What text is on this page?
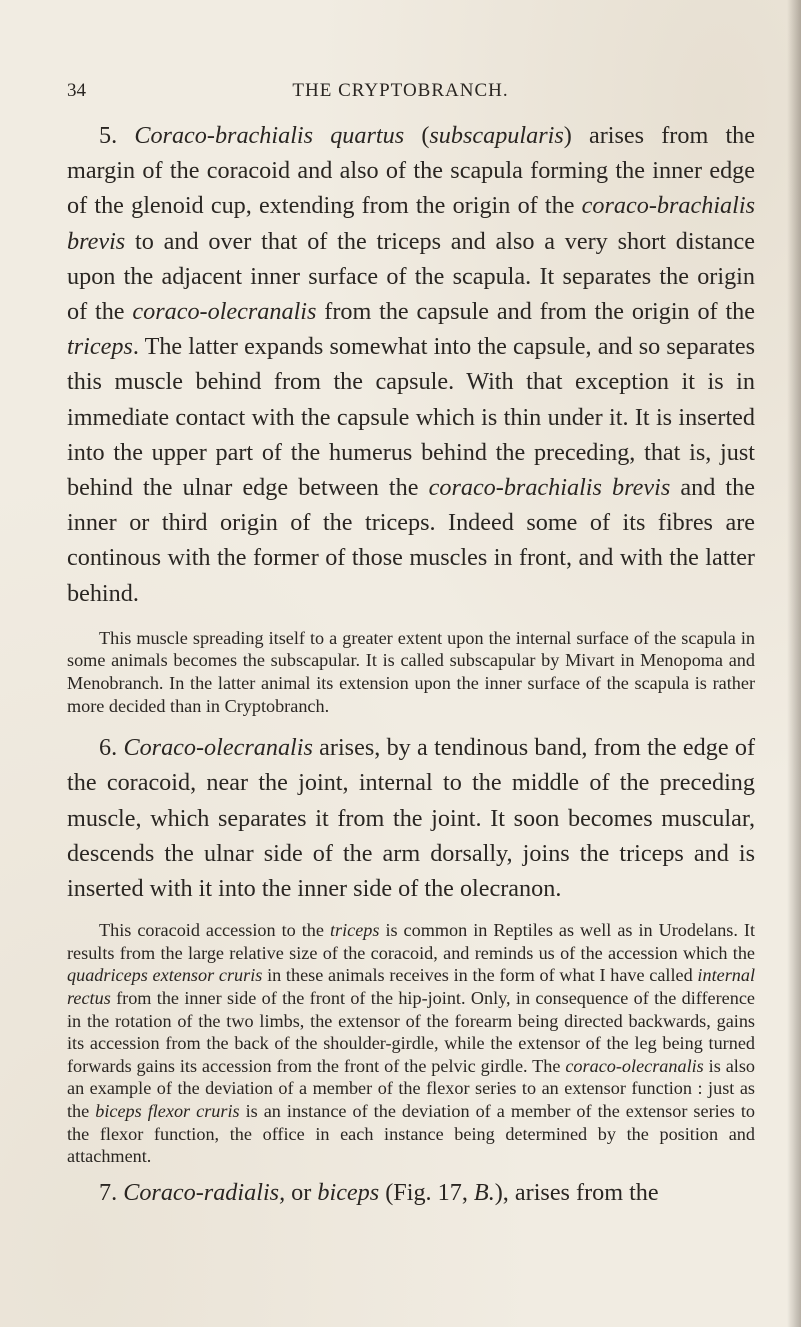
34	THE CRYPTOBRANCH.

5. Coraco-brachialis quartus (subscapularis) arises from the margin of the coracoid and also of the scapula forming the inner edge of the glenoid cup, extending from the origin of the coraco-brachialis brevis to and over that of the triceps and also a very short distance upon the adjacent inner surface of the scapula. It separates the origin of the coraco-olecranalis from the capsule and from the origin of the triceps. The latter expands somewhat into the capsule, and so separates this muscle behind from the capsule. With that exception it is in immediate contact with the capsule which is thin under it. It is inserted into the upper part of the humerus behind the preceding, that is, just behind the ulnar edge between the coraco-brachialis brevis and the inner or third origin of the triceps. Indeed some of its fibres are continous with the former of those muscles in front, and with the latter behind.

This muscle spreading itself to a greater extent upon the internal surface of the scapula in some animals becomes the subscapular. It is called subscapular by Mivart in Menopoma and Menobranch. In the latter animal its extension upon the inner surface of the scapula is rather more decided than in Cryptobranch.

6. Coraco-olecranalis arises, by a tendinous band, from the edge of the coracoid, near the joint, internal to the middle of the preceding muscle, which separates it from the joint. It soon becomes muscular, descends the ulnar side of the arm dorsally, joins the triceps and is inserted with it into the inner side of the olecranon.

This coracoid accession to the triceps is common in Reptiles as well as in Urodelans. It results from the large relative size of the coracoid, and reminds us of the accession which the quadriceps extensor cruris in these animals receives in the form of what I have called internal rectus from the inner side of the front of the hip-joint. Only, in consequence of the difference in the rotation of the two limbs, the extensor of the forearm being directed backwards, gains its accession from the back of the shoulder-girdle, while the extensor of the leg being turned forwards gains its accession from the front of the pelvic girdle. The coraco-olecranalis is also an example of the deviation of a member of the flexor series to an extensor function : just as the biceps flexor cruris is an instance of the deviation of a member of the extensor series to the flexor function, the office in each instance being determined by the position and attachment.

7. Coraco-radialis, or biceps (Fig. 17, B.), arises from the
